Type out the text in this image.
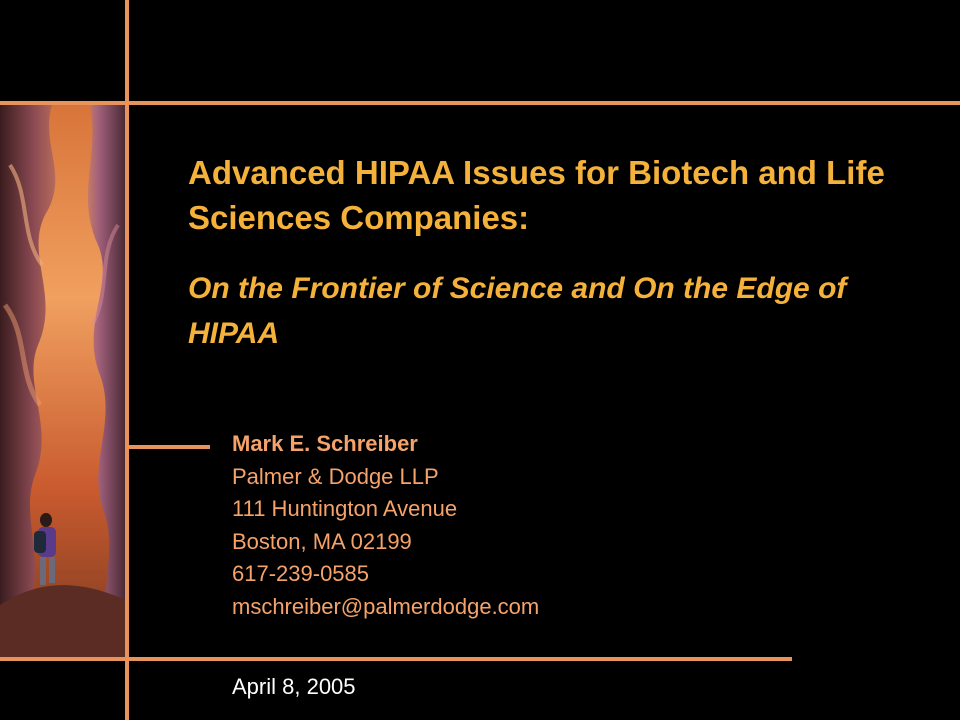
Advanced HIPAA Issues for Biotech and Life Sciences Companies:
On the Frontier of Science and On the Edge of HIPAA
Mark E. Schreiber
Palmer & Dodge LLP
111 Huntington Avenue
Boston, MA 02199
617-239-0585
mschreiber@palmerdodge.com
April 8, 2005
